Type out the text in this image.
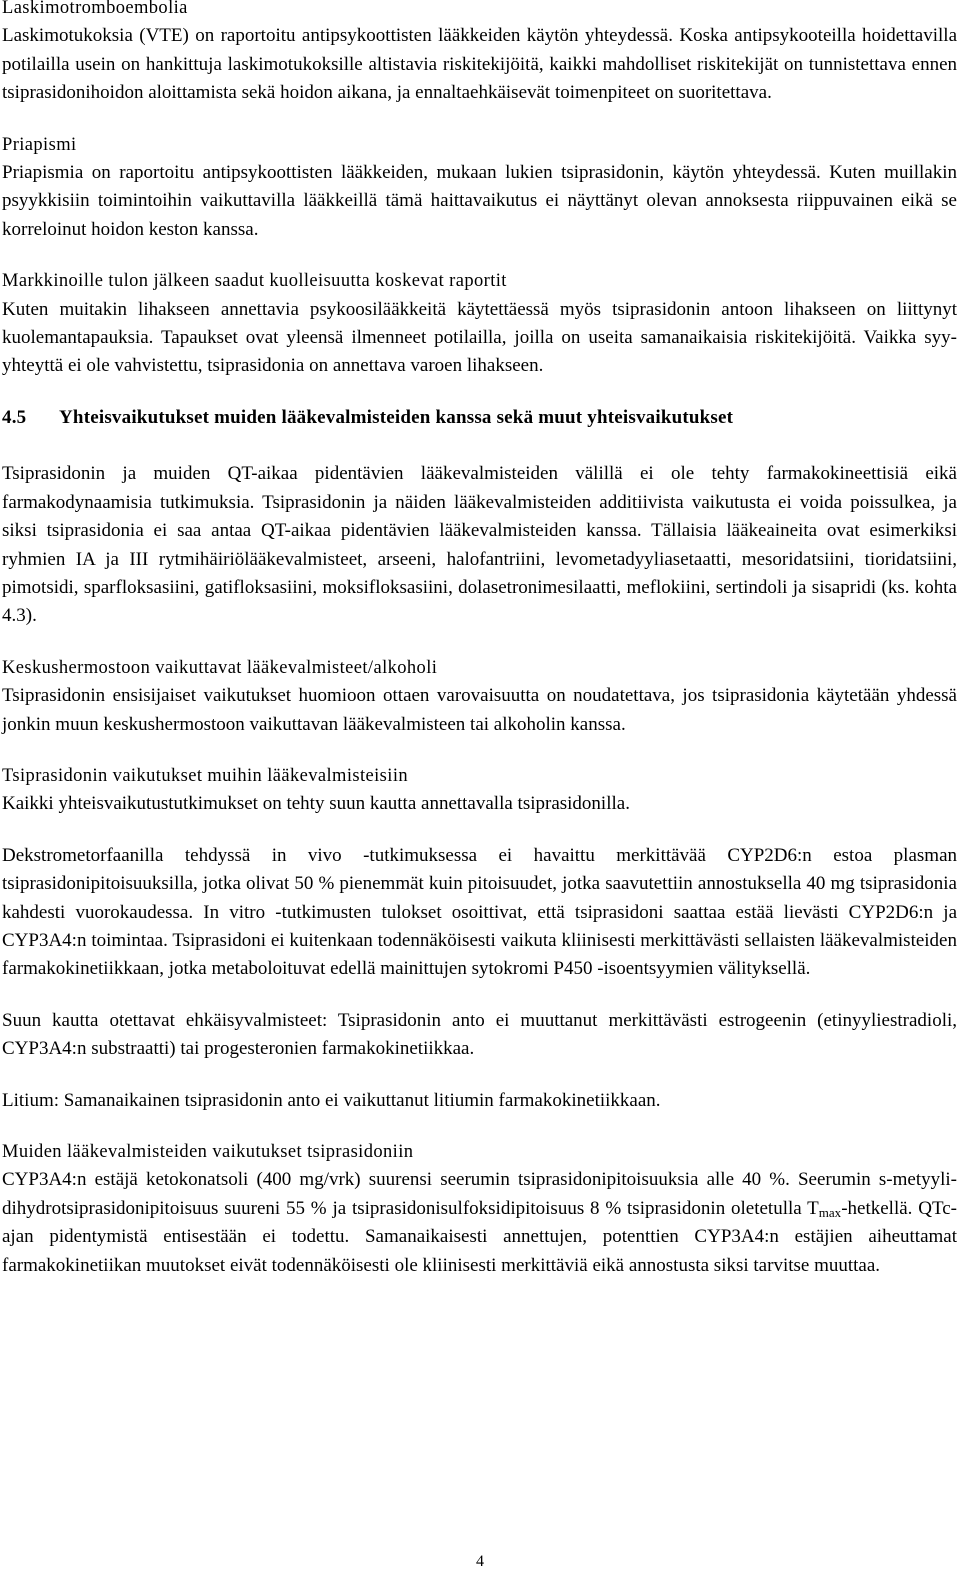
Laskimotromboembolia

Laskimotukoksia (VTE) on raportoitu antipsykoottisten lääkkeiden käytön yhteydessä. Koska antipsykooteilla hoidettavilla potilailla usein on hankittuja laskimotukoksille altistavia riskitekijöitä, kaikki mahdolliset riskitekijät on tunnistettava ennen tsiprasidonihoidon aloittamista sekä hoidon aikana, ja ennaltaehkäisevät toimenpiteet on suoritettava.

Priapismi

Priapismia on raportoitu antipsykoottisten lääkkeiden, mukaan lukien tsiprasidonin, käytön yhteydessä. Kuten muillakin psyykkisiin toimintoihin vaikuttavilla lääkkeillä tämä haittavaikutus ei näyttänyt olevan annoksesta riippuvainen eikä se korreloinut hoidon keston kanssa.

Markkinoille tulon jälkeen saadut kuolleisuutta koskevat raportit

Kuten muitakin lihakseen annettavia psykoosilääkkeitä käytettäessä myös tsiprasidonin antoon lihakseen on liittynyt kuolemantapauksia. Tapaukset ovat yleensä ilmenneet potilailla, joilla on useita samanaikaisia riskitekijöitä. Vaikka syy-yhteyttä ei ole vahvistettu, tsiprasidonia on annettava varoen lihakseen.

4.5	Yhteisvaikutukset muiden lääkevalmisteiden kanssa sekä muut yhteisvaikutukset

Tsiprasidonin ja muiden QT-aikaa pidentävien lääkevalmisteiden välillä ei ole tehty farmakokineettisiä eikä farmakodynaamisia tutkimuksia. Tsiprasidonin ja näiden lääkevalmisteiden additiivista vaikutusta ei voida poissulkea, ja siksi tsiprasidonia ei saa antaa QT-aikaa pidentävien lääkevalmisteiden kanssa. Tällaisia lääkeaineita ovat esimerkiksi ryhmien IA ja III rytmihäiriölääkevalmisteet, arseeni, halofantriini, levometadyyliasetaatti, mesoridatsiini, tioridatsiini, pimotsidi, sparfloksasiini, gatifloksasiini, moksifloksasiini, dolasetronimesilaatti, meflokiini, sertindoli ja sisapridi (ks. kohta 4.3).

Keskushermostoon vaikuttavat lääkevalmisteet/alkoholi

Tsiprasidonin ensisijaiset vaikutukset huomioon ottaen varovaisuutta on noudatettava, jos tsiprasidonia käytetään yhdessä jonkin muun keskushermostoon vaikuttavan lääkevalmisteen tai alkoholin kanssa.

Tsiprasidonin vaikutukset muihin lääkevalmisteisiin

Kaikki yhteisvaikutustutkimukset on tehty suun kautta annettavalla tsiprasidonilla.

Dekstrometorfaanilla tehdyssä in vivo -tutkimuksessa ei havaittu merkittävää CYP2D6:n estoa plasman tsiprasidonipitoisuuksilla, jotka olivat 50 % pienemmät kuin pitoisuudet, jotka saavutettiin annostuksella 40 mg tsiprasidonia kahdesti vuorokaudessa. In vitro -tutkimusten tulokset osoittivat, että tsiprasidoni saattaa estää lievästi CYP2D6:n ja CYP3A4:n toimintaa. Tsiprasidoni ei kuitenkaan todennäköisesti vaikuta kliinisesti merkittävästi sellaisten lääkevalmisteiden farmakokinetiikkaan, jotka metaboloituvat edellä mainittujen sytokromi P450 -isoentsyymien välityksellä.

Suun kautta otettavat ehkäisyvalmisteet: Tsiprasidonin anto ei muuttanut merkittävästi estrogeenin (etinyyliestradioli, CYP3A4:n substraatti) tai progesteronien farmakokinetiikkaa.

Litium: Samanaikainen tsiprasidonin anto ei vaikuttanut litiumin farmakokinetiikkaan.

Muiden lääkevalmisteiden vaikutukset tsiprasidoniin

CYP3A4:n estäjä ketokonatsoli (400 mg/vrk) suurensi seerumin tsiprasidonipitoisuuksia alle 40 %. Seerumin s-metyyli-dihydrotsiprasidonipitoisuus suureni 55 % ja tsiprasidonisulfoksidipitoisuus 8 % tsiprasidonin oletetulla $T_{max}$-hetkellä. QTc-ajan pidentymistä entisestään ei todettu. Samanaikaisesti annettujen, potenttien CYP3A4:n estäjien aiheuttamat farmakokinetiikan muutokset eivät todennäköisesti ole kliinisesti merkittäviä eikä annostusta siksi tarvitse muuttaa.

4
